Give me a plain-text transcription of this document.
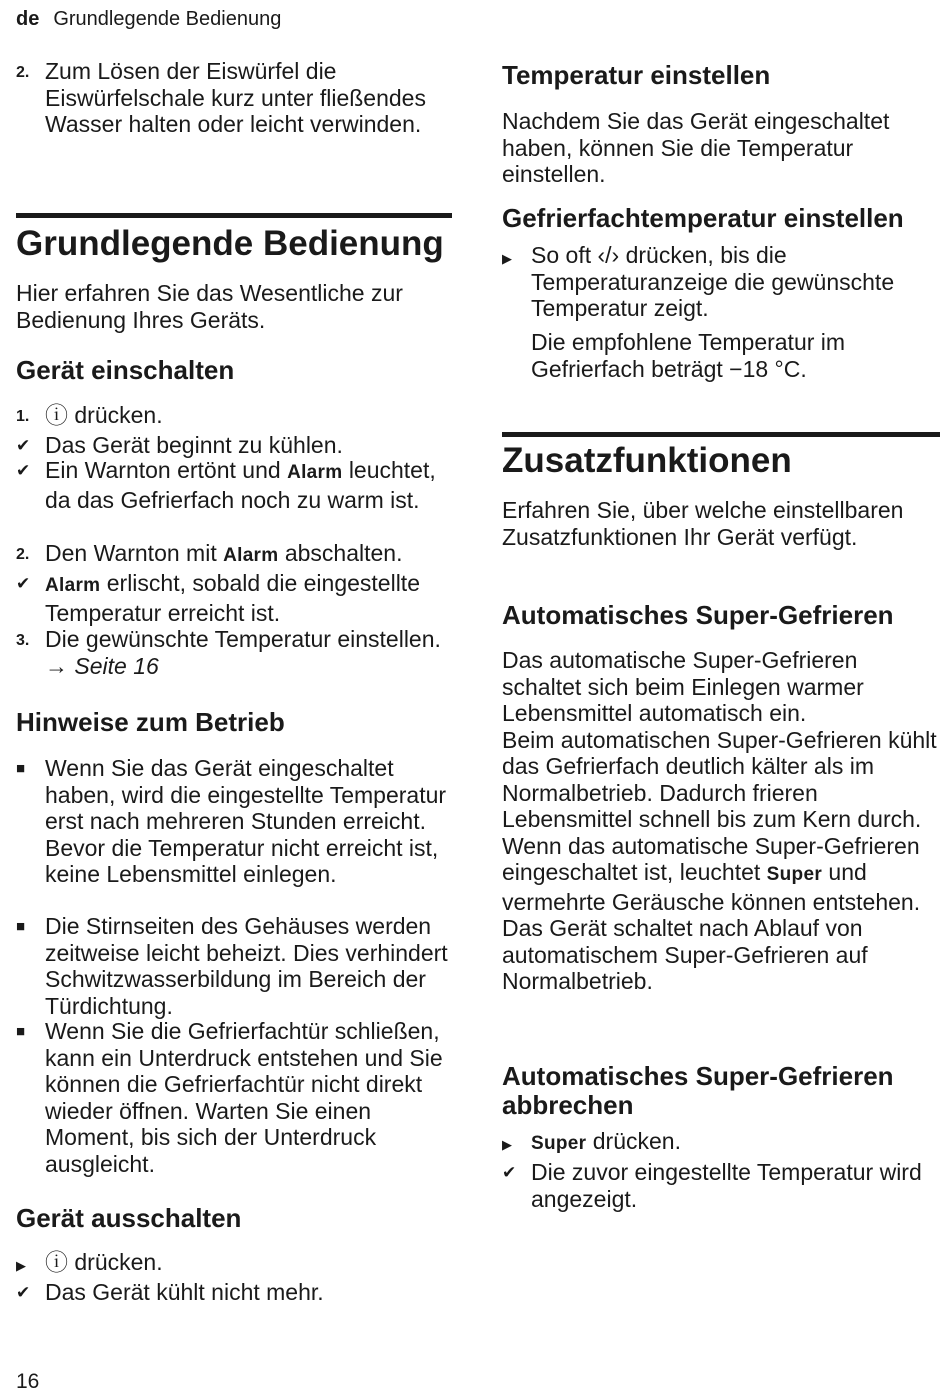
de Grundlegende Bedienung
2. Zum Lösen der Eiswürfel die Eiswürfelschale kurz unter fließendes Wasser halten oder leicht verwinden.
Grundlegende Bedienung

Hier erfahren Sie das Wesentliche zur Bedienung Ihres Geräts.

Gerät einschalten
1. ⓘ drücken.
✔ Das Gerät beginnt zu kühlen.
✔ Ein Warnton ertönt und Alarm leuchtet, da das Gefrierfach noch zu warm ist.
2. Den Warnton mit Alarm abschalten.
✔ Alarm erlischt, sobald die eingestellte Temperatur erreicht ist.
3. Die gewünschte Temperatur einstellen. → Seite 16
Hinweise zum Betrieb
■ Wenn Sie das Gerät eingeschaltet haben, wird die eingestellte Temperatur erst nach mehreren Stunden erreicht. Bevor die Temperatur nicht erreicht ist, keine Lebensmittel einlegen.
■ Die Stirnseiten des Gehäuses werden zeitweise leicht beheizt. Dies verhindert Schwitzwasserbildung im Bereich der Türdichtung.
■ Wenn Sie die Gefrierfachtür schließen, kann ein Unterdruck entstehen und Sie können die Gefrierfachtür nicht direkt wieder öffnen. Warten Sie einen Moment, bis sich der Unterdruck ausgleicht.
Gerät ausschalten
▶ ⓘ drücken.
✔ Das Gerät kühlt nicht mehr.
Temperatur einstellen

Nachdem Sie das Gerät eingeschaltet haben, können Sie die Temperatur einstellen.

Gefrierfachtemperatur einstellen
▶ So oft ‹/› drücken, bis die Temperaturanzeige die gewünschte Temperatur zeigt.

Die empfohlene Temperatur im Gefrierfach beträgt −18 °C.

Zusatzfunktionen

Erfahren Sie, über welche einstellbaren Zusatzfunktionen Ihr Gerät verfügt.

Automatisches Super-Gefrieren

Das automatische Super-Gefrieren schaltet sich beim Einlegen warmer Lebensmittel automatisch ein.

Beim automatischen Super-Gefrieren kühlt das Gefrierfach deutlich kälter als im Normalbetrieb. Dadurch frieren Lebensmittel schnell bis zum Kern durch.

Wenn das automatische Super-Gefrieren eingeschaltet ist, leuchtet Super und vermehrte Geräusche können entstehen.

Das Gerät schaltet nach Ablauf von automatischem Super-Gefrieren auf Normalbetrieb.

Automatisches Super-Gefrieren abbrechen
▶ Super drücken.
✔ Die zuvor eingestellte Temperatur wird angezeigt.
16
